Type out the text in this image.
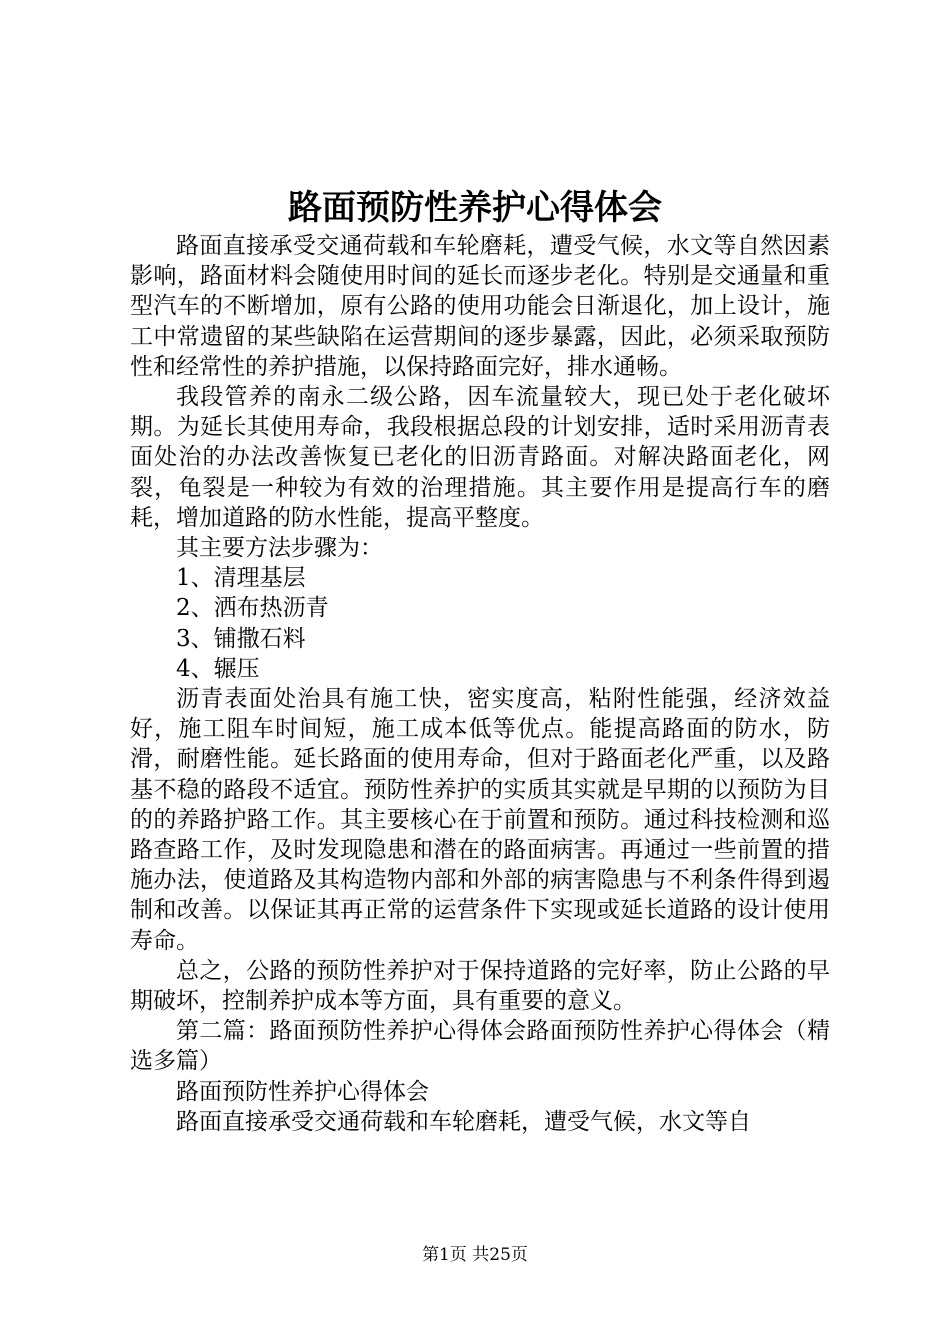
路面预防性养护心得体会

路面直接承受交通荷载和车轮磨耗，遭受气候，水文等自然因素影响，路面材料会随使用时间的延长而逐步老化。特别是交通量和重型汽车的不断增加，原有公路的使用功能会日渐退化，加上设计，施工中常遗留的某些缺陷在运营期间的逐步暴露，因此，必须采取预防性和经常性的养护措施，以保持路面完好，排水通畅。

我段管养的南永二级公路，因车流量较大，现已处于老化破坏期。为延长其使用寿命，我段根据总段的计划安排，适时采用沥青表面处治的办法改善恢复已老化的旧沥青路面。对解决路面老化，网裂，龟裂是一种较为有效的治理措施。其主要作用是提高行车的磨耗，增加道路的防水性能，提高平整度。

其主要方法步骤为：

1、清理基层

2、洒布热沥青

3、铺撒石料

4、辗压

沥青表面处治具有施工快，密实度高，粘附性能强，经济效益好，施工阻车时间短，施工成本低等优点。能提高路面的防水，防滑，耐磨性能。延长路面的使用寿命，但对于路面老化严重，以及路基不稳的路段不适宜。预防性养护的实质其实就是早期的以预防为目的的养路护路工作。其主要核心在于前置和预防。通过科技检测和巡路查路工作，及时发现隐患和潜在的路面病害。再通过一些前置的措施办法，使道路及其构造物内部和外部的病害隐患与不利条件得到遏制和改善。以保证其再正常的运营条件下实现或延长道路的设计使用寿命。

总之，公路的预防性养护对于保持道路的完好率，防止公路的早期破坏，控制养护成本等方面，具有重要的意义。

第二篇：路面预防性养护心得体会路面预防性养护心得体会（精选多篇）

路面预防性养护心得体会

路面直接承受交通荷载和车轮磨耗，遭受气候，水文等自

第1页 共25页
